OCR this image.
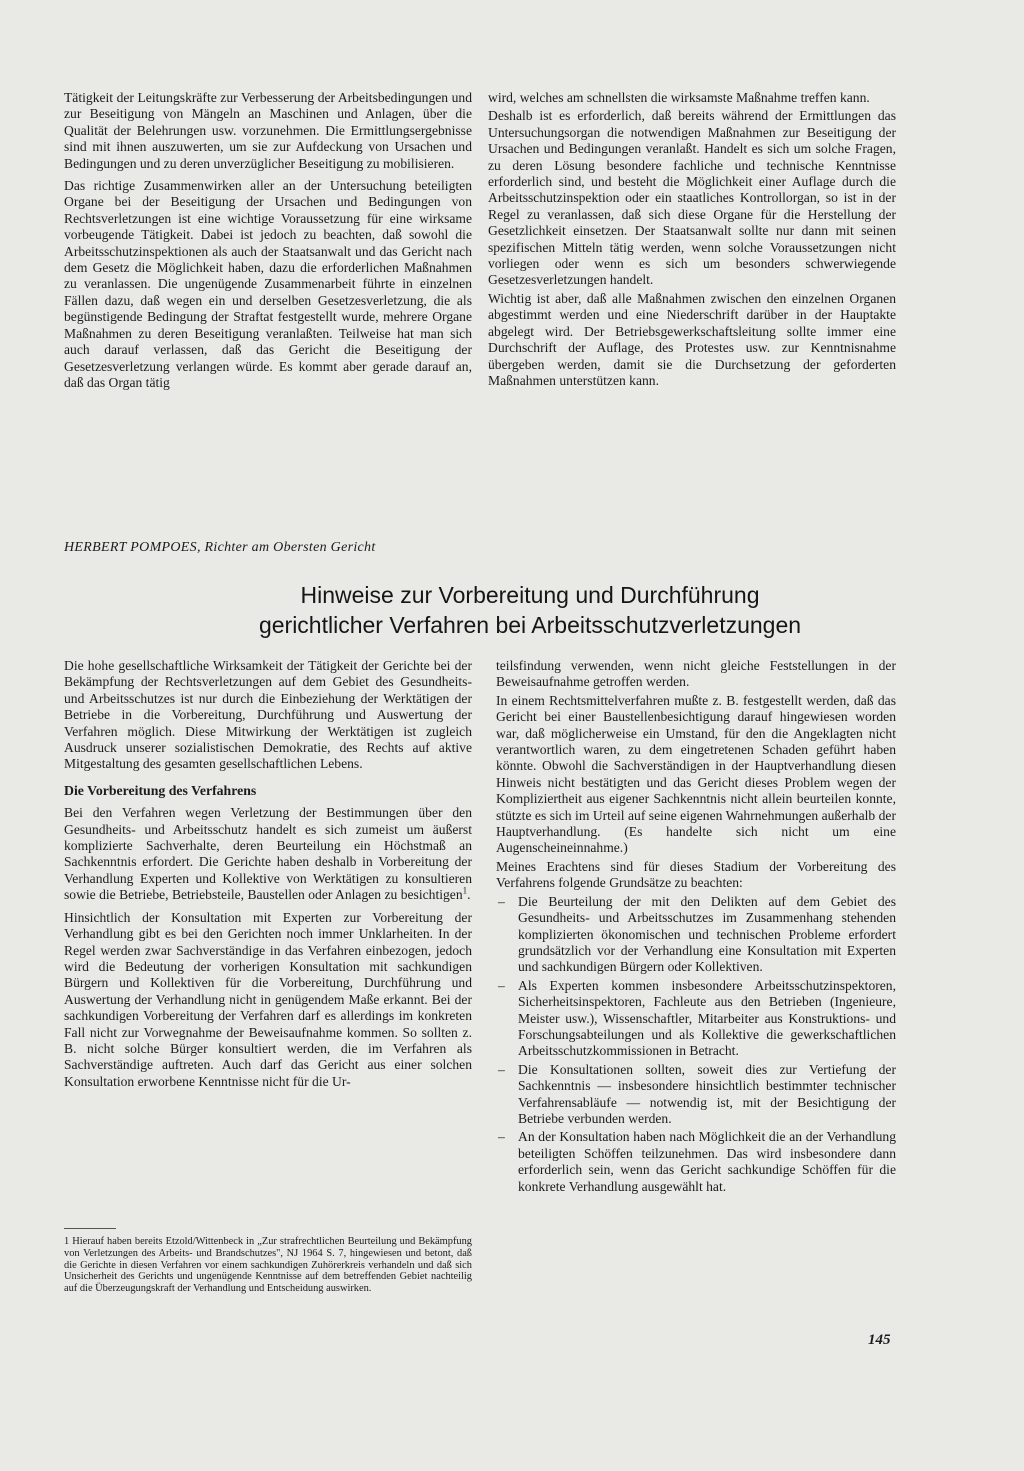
Tätigkeit der Leitungskräfte zur Verbesserung der Arbeitsbedingungen und zur Beseitigung von Mängeln an Maschinen und Anlagen, über die Qualität der Belehrungen usw. vorzunehmen. Die Ermittlungsergebnisse sind mit ihnen auszuwerten, um sie zur Aufdeckung von Ursachen und Bedingungen und zu deren unverzüglicher Beseitigung zu mobilisieren.

Das richtige Zusammenwirken aller an der Untersuchung beteiligten Organe bei der Beseitigung der Ursachen und Bedingungen von Rechtsverletzungen ist eine wichtige Voraussetzung für eine wirksame vorbeugende Tätigkeit. Dabei ist jedoch zu beachten, daß sowohl die Arbeitsschutzinspektionen als auch der Staatsanwalt und das Gericht nach dem Gesetz die Möglichkeit haben, dazu die erforderlichen Maßnahmen zu veranlassen. Die ungenügende Zusammenarbeit führte in einzelnen Fällen dazu, daß wegen ein und derselben Gesetzesverletzung, die als begünstigende Bedingung der Straftat festgestellt wurde, mehrere Organe Maßnahmen zu deren Beseitigung veranlaßten. Teilweise hat man sich auch darauf verlassen, daß das Gericht die Beseitigung der Gesetzesverletzung verlangen würde. Es kommt aber gerade darauf an, daß das Organ tätig

wird, welches am schnellsten die wirksamste Maßnahme treffen kann.

Deshalb ist es erforderlich, daß bereits während der Ermittlungen das Untersuchungsorgan die notwendigen Maßnahmen zur Beseitigung der Ursachen und Bedingungen veranlaßt. Handelt es sich um solche Fragen, zu deren Lösung besondere fachliche und technische Kenntnisse erforderlich sind, und besteht die Möglichkeit einer Auflage durch die Arbeitsschutzinspektion oder ein staatliches Kontrollorgan, so ist in der Regel zu veranlassen, daß sich diese Organe für die Herstellung der Gesetzlichkeit einsetzen. Der Staatsanwalt sollte nur dann mit seinen spezifischen Mitteln tätig werden, wenn solche Voraussetzungen nicht vorliegen oder wenn es sich um besonders schwerwiegende Gesetzesverletzungen handelt.

Wichtig ist aber, daß alle Maßnahmen zwischen den einzelnen Organen abgestimmt werden und eine Niederschrift darüber in der Hauptakte abgelegt wird. Der Betriebsgewerkschaftsleitung sollte immer eine Durchschrift der Auflage, des Protestes usw. zur Kenntnisnahme übergeben werden, damit sie die Durchsetzung der geforderten Maßnahmen unterstützen kann.

HERBERT POMPOES, Richter am Obersten Gericht
Hinweise zur Vorbereitung und Durchführung
gerichtlicher Verfahren bei Arbeitsschutzverletzungen

Die hohe gesellschaftliche Wirksamkeit der Tätigkeit der Gerichte bei der Bekämpfung der Rechtsverletzungen auf dem Gebiet des Gesundheits- und Arbeitsschutzes ist nur durch die Einbeziehung der Werktätigen der Betriebe in die Vorbereitung, Durchführung und Auswertung der Verfahren möglich. Diese Mitwirkung der Werktätigen ist zugleich Ausdruck unserer sozialistischen Demokratie, des Rechts auf aktive Mitgestaltung des gesamten gesellschaftlichen Lebens.

Die Vorbereitung des Verfahrens

Bei den Verfahren wegen Verletzung der Bestimmungen über den Gesundheits- und Arbeitsschutz handelt es sich zumeist um äußerst komplizierte Sachverhalte, deren Beurteilung ein Höchstmaß an Sachkenntnis erfordert. Die Gerichte haben deshalb in Vorbereitung der Verhandlung Experten und Kollektive von Werktätigen zu konsultieren sowie die Betriebe, Betriebsteile, Baustellen oder Anlagen zu besichtigen$^1$.

Hinsichtlich der Konsultation mit Experten zur Vorbereitung der Verhandlung gibt es bei den Gerichten noch immer Unklarheiten. In der Regel werden zwar Sachverständige in das Verfahren einbezogen, jedoch wird die Bedeutung der vorherigen Konsultation mit sachkundigen Bürgern und Kollektiven für die Vorbereitung, Durchführung und Auswertung der Verhandlung nicht in genügendem Maße erkannt. Bei der sachkundigen Vorbereitung der Verfahren darf es allerdings im konkreten Fall nicht zur Vorwegnahme der Beweisaufnahme kommen. So sollten z. B. nicht solche Bürger konsultiert werden, die im Verfahren als Sachverständige auftreten. Auch darf das Gericht aus einer solchen Konsultation erworbene Kenntnisse nicht für die Ur-

1 Hierauf haben bereits Etzold/Wittenbeck in „Zur strafrechtlichen Beurteilung und Bekämpfung von Verletzungen des Arbeits- und Brandschutzes", NJ 1964 S. 7, hingewiesen und betont, daß die Gerichte in diesen Verfahren vor einem sachkundigen Zuhörerkreis verhandeln und daß sich Unsicherheit des Gerichts und ungenügende Kenntnisse auf dem betreffenden Gebiet nachteilig auf die Überzeugungskraft der Verhandlung und Entscheidung auswirken.

teilsfindung verwenden, wenn nicht gleiche Feststellungen in der Beweisaufnahme getroffen werden.

In einem Rechtsmittelverfahren mußte z. B. festgestellt werden, daß das Gericht bei einer Baustellenbesichtigung darauf hingewiesen worden war, daß möglicherweise ein Umstand, für den die Angeklagten nicht verantwortlich waren, zu dem eingetretenen Schaden geführt haben könnte. Obwohl die Sachverständigen in der Hauptverhandlung diesen Hinweis nicht bestätigten und das Gericht dieses Problem wegen der Kompliziertheit aus eigener Sachkenntnis nicht allein beurteilen konnte, stützte es sich im Urteil auf seine eigenen Wahrnehmungen außerhalb der Hauptverhandlung. (Es handelte sich nicht um eine Augenscheineinnahme.)

Meines Erachtens sind für dieses Stadium der Vorbereitung des Verfahrens folgende Grundsätze zu beachten:

– Die Beurteilung der mit den Delikten auf dem Gebiet des Gesundheits- und Arbeitsschutzes im Zusammenhang stehenden komplizierten ökonomischen und technischen Probleme erfordert grundsätzlich vor der Verhandlung eine Konsultation mit Experten und sachkundigen Bürgern oder Kollektiven.
– Als Experten kommen insbesondere Arbeitsschutzinspektoren, Sicherheitsinspektoren, Fachleute aus den Betrieben (Ingenieure, Meister usw.), Wissenschaftler, Mitarbeiter aus Konstruktions- und Forschungsabteilungen und als Kollektive die gewerkschaftlichen Arbeitsschutzkommissionen in Betracht.
– Die Konsultationen sollten, soweit dies zur Vertiefung der Sachkenntnis — insbesondere hinsichtlich bestimmter technischer Verfahrensabläufe — notwendig ist, mit der Besichtigung der Betriebe verbunden werden.
– An der Konsultation haben nach Möglichkeit die an der Verhandlung beteiligten Schöffen teilzunehmen. Das wird insbesondere dann erforderlich sein, wenn das Gericht sachkundige Schöffen für die konkrete Verhandlung ausgewählt hat.
145
